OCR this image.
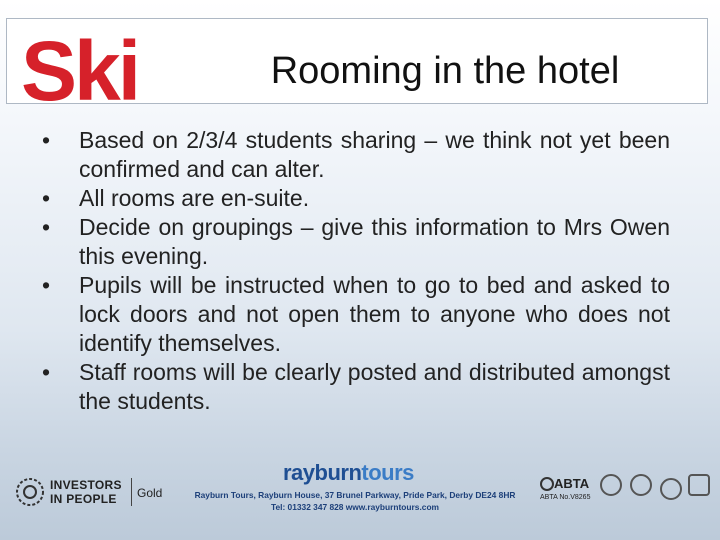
Ski	Rooming in the hotel
• Based on 2/3/4 students sharing – we think not yet been confirmed and can alter.
• All rooms are en-suite.
• Decide on groupings – give this information to Mrs Owen this evening.
• Pupils will be instructed when to go to bed and asked to lock doors and not open them to anyone who does not identify themselves.
• Staff rooms will be clearly posted and distributed amongst the students.
INVESTORS
IN PEOPLE	Gold
rayburntours
Rayburn Tours, Rayburn House, 37 Brunel Parkway, Pride Park, Derby DE24 8HR
Tel: 01332 347 828 www.rayburntours.com
ABTA
ABTA No.V8265
